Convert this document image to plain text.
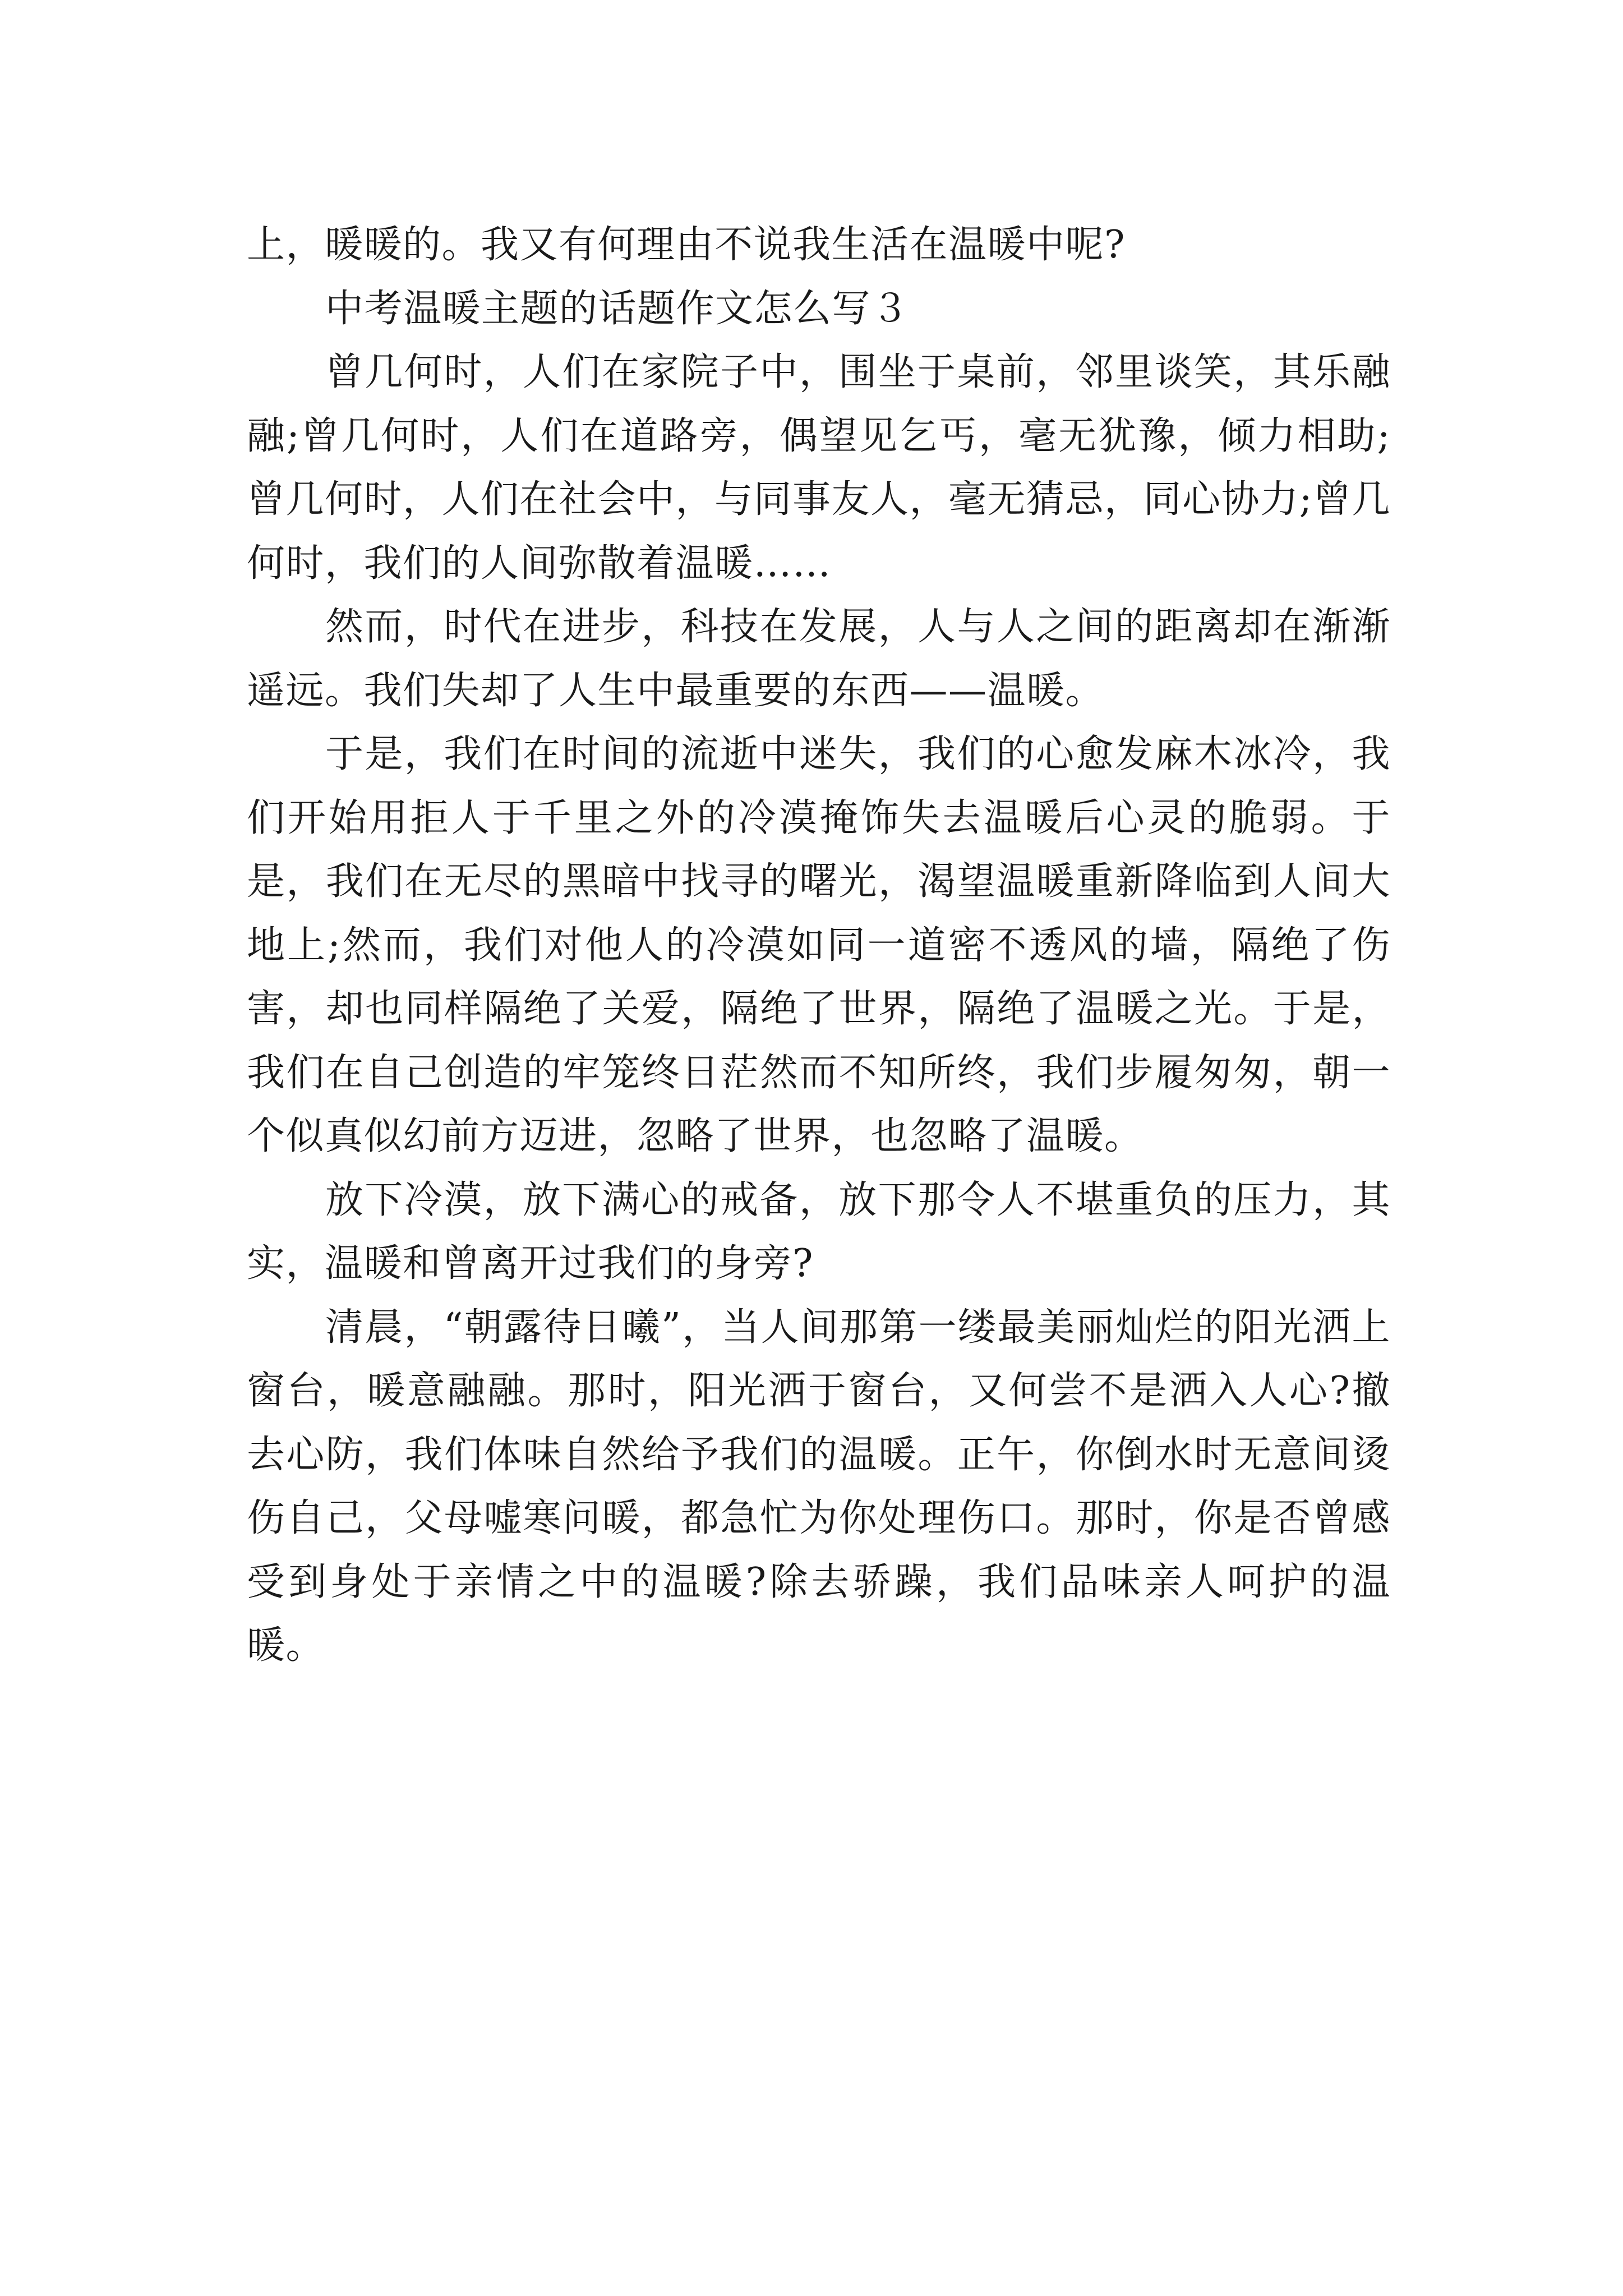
上，暖暖的。我又有何理由不说我生活在温暖中呢?

中考温暖主题的话题作文怎么写３

曾几何时，人们在家院子中，围坐于桌前，邻里谈笑，其乐融融;曾几何时，人们在道路旁，偶望见乞丐，毫无犹豫，倾力相助;曾几何时，人们在社会中，与同事友人，毫无猜忌，同心协力;曾几何时，我们的人间弥散着温暖……

然而，时代在进步，科技在发展，人与人之间的距离却在渐渐遥远。我们失却了人生中最重要的东西——温暖。

于是，我们在时间的流逝中迷失，我们的心愈发麻木冰冷，我们开始用拒人于千里之外的冷漠掩饰失去温暖后心灵的脆弱。于是，我们在无尽的黑暗中找寻的曙光，渴望温暖重新降临到人间大地上;然而，我们对他人的冷漠如同一道密不透风的墙，隔绝了伤害，却也同样隔绝了关爱，隔绝了世界，隔绝了温暖之光。于是，我们在自己创造的牢笼终日茫然而不知所终，我们步履匆匆，朝一个似真似幻前方迈进，忽略了世界，也忽略了温暖。

放下冷漠，放下满心的戒备，放下那令人不堪重负的压力，其实，温暖和曾离开过我们的身旁?

清晨，“朝露待日曦”，当人间那第一缕最美丽灿烂的阳光洒上窗台，暖意融融。那时，阳光洒于窗台，又何尝不是洒入人心?撤去心防，我们体味自然给予我们的温暖。正午，你倒水时无意间烫伤自己，父母嘘寒问暖，都急忙为你处理伤口。那时，你是否曾感受到身处于亲情之中的温暖?除去骄躁，我们品味亲人呵护的温暖。
